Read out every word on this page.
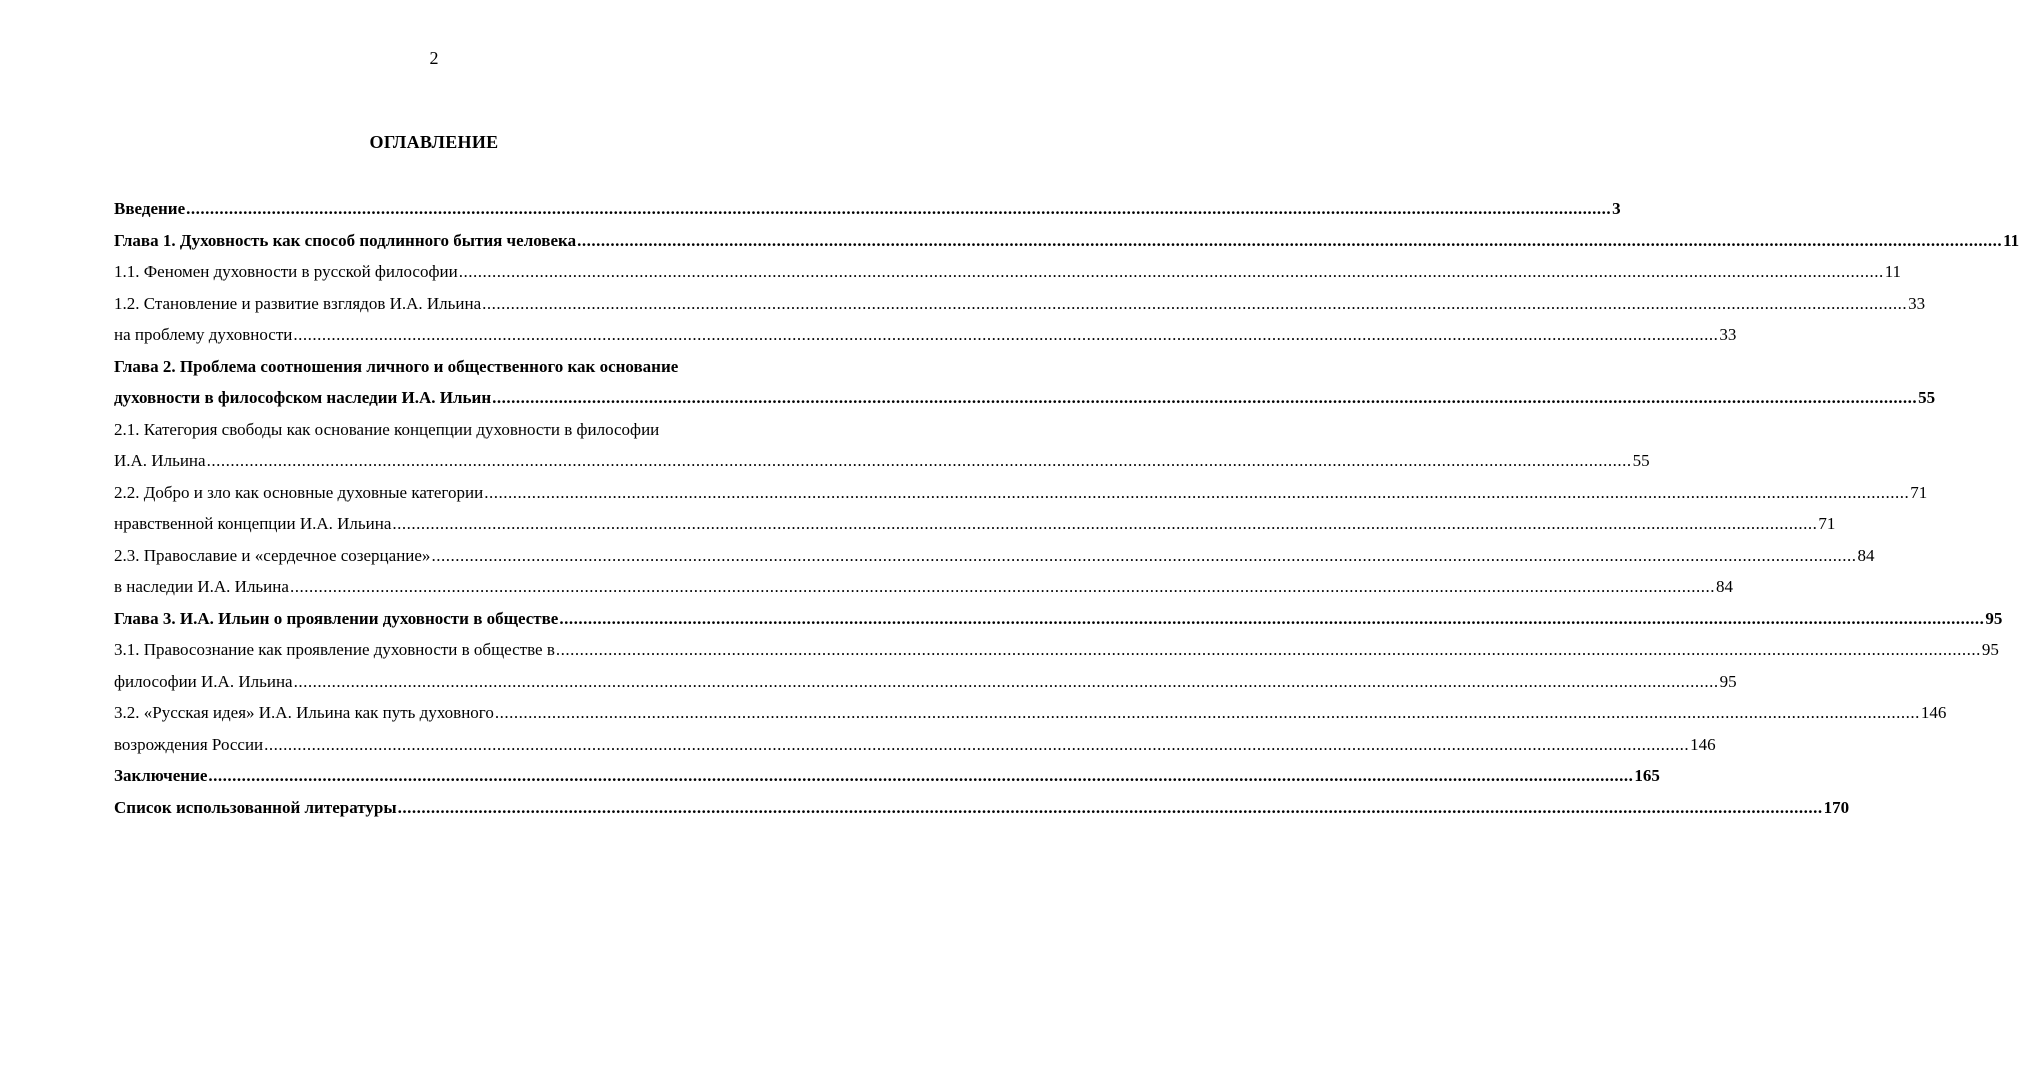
2
ОГЛАВЛЕНИЕ
Введение ............................................................................................................................................................................................................................................................................................................ 3
Глава 1. Духовность как способ подлинного бытия человека ............................................................................................................................................................................................................................................................................................................ 11
1.1. Феномен духовности в русской философии ............................................................................................................................................................................................................................................................................................................ 11
1.2. Становление и развитие взглядов И.А. Ильина ............................................................................................................................................................................................................................................................................................................ 33
на проблему духовности ............................................................................................................................................................................................................................................................................................................ 33
Глава 2. Проблема соотношения личного и общественного как основание
духовности в философском наследии И.А. Ильин ............................................................................................................................................................................................................................................................................................................ 55
2.1. Категория свободы как основание концепции духовности в философии
И.А. Ильина ............................................................................................................................................................................................................................................................................................................ 55
2.2. Добро и зло как основные духовные категории ............................................................................................................................................................................................................................................................................................................ 71
нравственной концепции И.А. Ильина ............................................................................................................................................................................................................................................................................................................ 71
2.3. Православие и «сердечное созерцание» ............................................................................................................................................................................................................................................................................................................ 84
в наследии И.А. Ильина ............................................................................................................................................................................................................................................................................................................ 84
Глава 3. И.А. Ильин о проявлении духовности в обществе ............................................................................................................................................................................................................................................................................................................ 95
3.1. Правосознание как проявление духовности в обществе в ............................................................................................................................................................................................................................................................................................................ 95
философии И.А. Ильина ............................................................................................................................................................................................................................................................................................................ 95
3.2. «Русская идея» И.А. Ильина как путь духовного ............................................................................................................................................................................................................................................................................................................ 146
возрождения России ............................................................................................................................................................................................................................................................................................................ 146
Заключение ............................................................................................................................................................................................................................................................................................................ 165
Список использованной литературы ............................................................................................................................................................................................................................................................................................................ 170
